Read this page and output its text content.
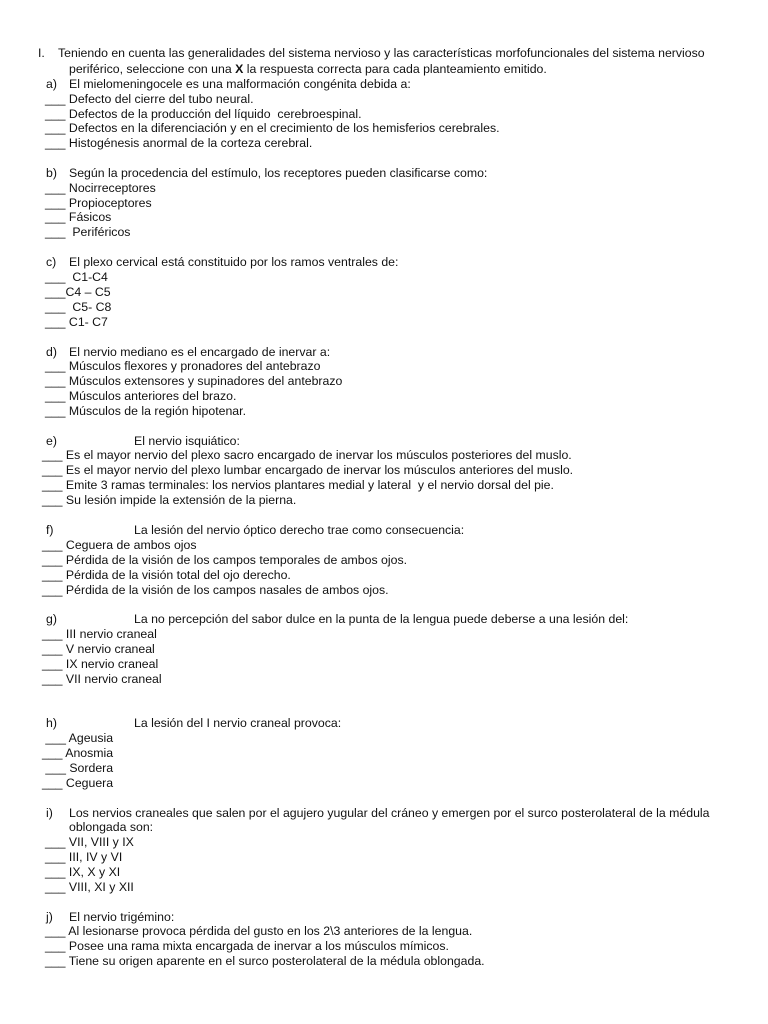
I. Teniendo en cuenta las generalidades del sistema nervioso y las características morfofuncionales del sistema nervioso
periférico, seleccione con una X la respuesta correcta para cada planteamiento emitido.
a) El mielomeningocele es una malformación congénita debida a:
___ Defecto del cierre del tubo neural.
___ Defectos de la producción del líquido  cerebroespinal.
___ Defectos en la diferenciación y en el crecimiento de los hemisferios cerebrales.
___ Histogénesis anormal de la corteza cerebral.
b) Según la procedencia del estímulo, los receptores pueden clasificarse como:
___ Nocirreceptores
___ Propioceptores
___ Fásicos
___  Periféricos
c) El plexo cervical está constituido por los ramos ventrales de:
___  C1-C4
___C4 – C5
___  C5- C8
___ C1- C7
d) El nervio mediano es el encargado de inervar a:
___ Músculos flexores y pronadores del antebrazo
___ Músculos extensores y supinadores del antebrazo
___ Músculos anteriores del brazo.
___ Músculos de la región hipotenar.
e)	El nervio isquiático:
___ Es el mayor nervio del plexo sacro encargado de inervar los músculos posteriores del muslo.
___ Es el mayor nervio del plexo lumbar encargado de inervar los músculos anteriores del muslo.
___ Emite 3 ramas terminales: los nervios plantares medial y lateral  y el nervio dorsal del pie.
___ Su lesión impide la extensión de la pierna.
f)	La lesión del nervio óptico derecho trae como consecuencia:
___ Ceguera de ambos ojos
___ Pérdida de la visión de los campos temporales de ambos ojos.
___ Pérdida de la visión total del ojo derecho.
___ Pérdida de la visión de los campos nasales de ambos ojos.
g)	La no percepción del sabor dulce en la punta de la lengua puede deberse a una lesión del:
___ III nervio craneal
___ V nervio craneal
___ IX nervio craneal
___ VII nervio craneal
h)	La lesión del I nervio craneal provoca:
___ Ageusia
___ Anosmia
___ Sordera
___ Ceguera
i) Los nervios craneales que salen por el agujero yugular del cráneo y emergen por el surco posterolateral de la médula
oblongada son:
___ VII, VIII y IX
___ III, IV y VI
___ IX, X y XI
___ VIII, XI y XII
j) El nervio trigémino:
___ Al lesionarse provoca pérdida del gusto en los 2\3 anteriores de la lengua.
___ Posee una rama mixta encargada de inervar a los músculos mímicos.
___ Tiene su origen aparente en el surco posterolateral de la médula oblongada.
